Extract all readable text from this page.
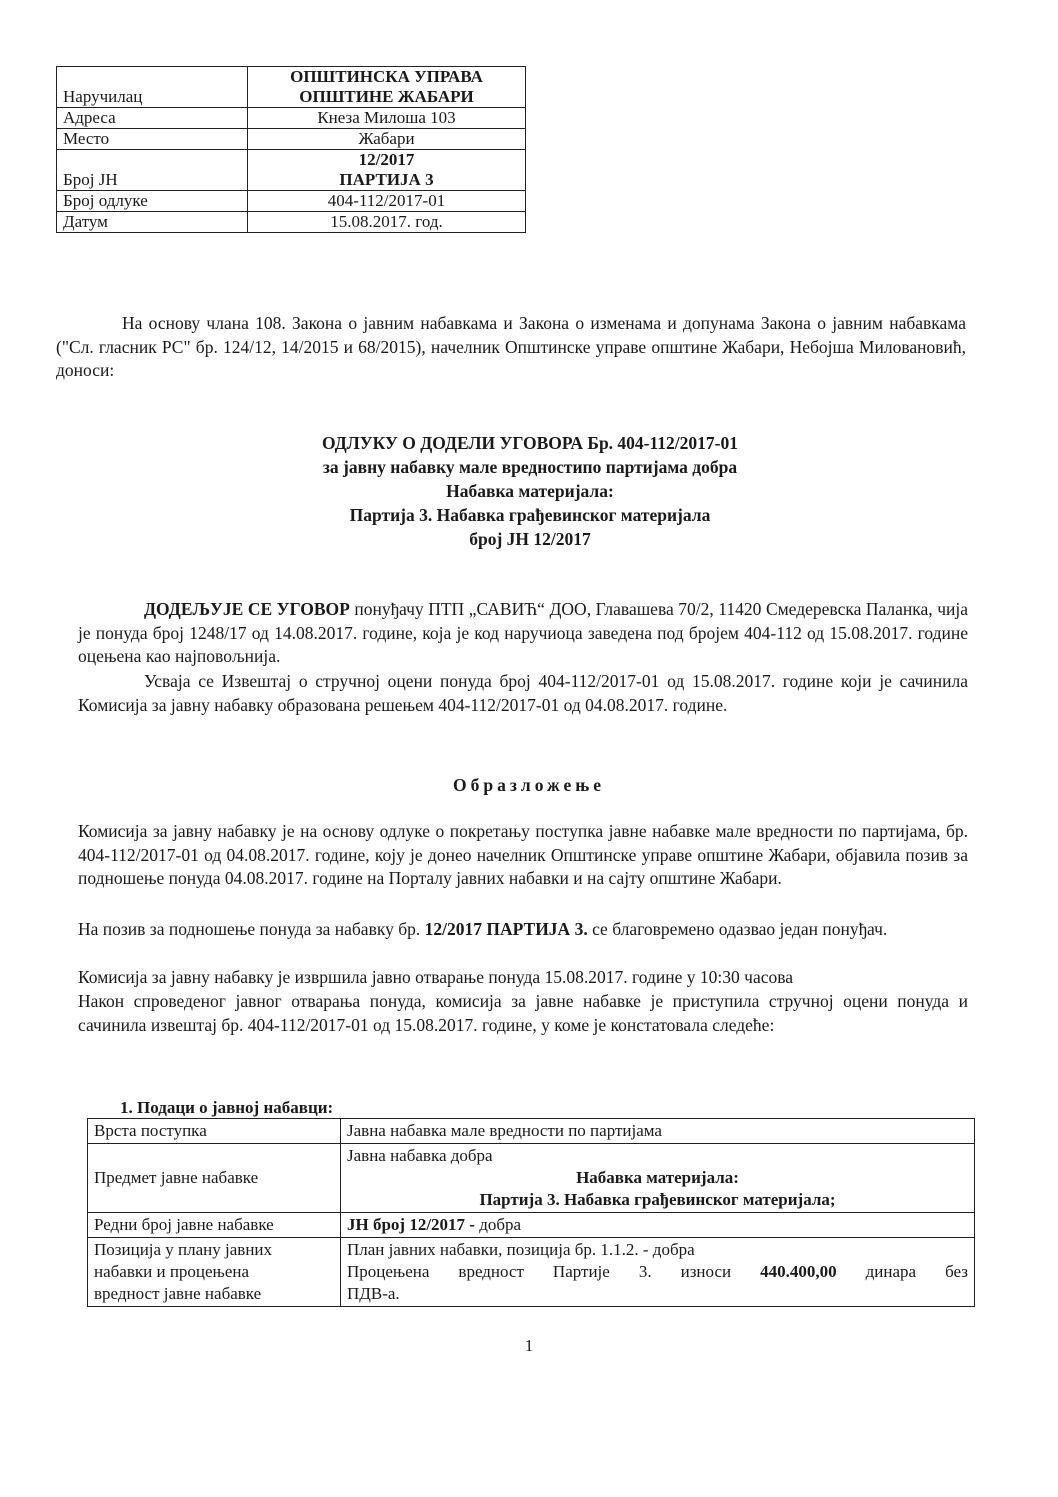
Наручилац	ОПШТИНСКА УПРАВА
ОПШТИНЕ ЖАБАРИ

Адреса	Кнеза Милоша 103

Место	Жабари

Број ЈН	12/2017
ПАРТИЈА 3

Број одлуке	404-112/2017-01

Датум	15.08.2017. год.

На основу члана 108. Закона о јавним набавкама и Закона о изменама и допунама Закона о јавним набавкама ("Сл. гласник РС" бр. 124/12, 14/2015 и 68/2015), начелник Општинске управе општине Жабари, Небојша Миловановић, доноси:

ОДЛУКУ О ДОДЕЛИ УГОВОРА Бр. 404-112/2017-01
за јавну набавку мале вредностипо партијама добра
Набавка материјала:
Партија 3. Набавка грађевинског материјала
број ЈН 12/2017

ДОДЕЉУЈЕ СЕ УГОВОР понуђачу ПТП „САВИЋ“ ДОО, Главашева 70/2, 11420 Смедеревска Паланка, чија је понуда број 1248/17 од 14.08.2017. године, која је код наручиоца заведена под бројем 404-112 од 15.08.2017. године оцењена као најповољнија.

Усваја се Извештај о стручној оцени понуда број 404-112/2017-01 од 15.08.2017. године који је сачинила Комисија за јавну набавку образована решењем 404-112/2017-01 од 04.08.2017. године.

Образложење

Комисија за јавну набавку је на основу одлуке о покретању поступка јавне набавке мале вредности по партијама, бр. 404-112/2017-01 од 04.08.2017. године, коју је донео начелник Општинске управе општине Жабари, објавила позив за подношење понуда 04.08.2017. године на Порталу јавних набавки и на сајту општине Жабари.

На позив за подношење понуда за набавку бр. 12/2017 ПАРТИЈА 3. се благовремено одазвао један понуђач.

Комисија за јавну набавку је извршила јавно отварање понуда 15.08.2017. године у 10:30 часова

Након спроведеног јавног отварања понуда, комисија за јавне набавке је приступила стручној оцени понуда и сачинила извештај бр. 404-112/2017-01 од 15.08.2017. године, у коме је констатовала следеће:

1. Подаци о јавној набавци:
Врста поступка	Јавна набавка мале вредности по партијама
Предмет јавне набавке	Јавна набавка добра
Набавка материјала:
Партија 3. Набавка грађевинског материјала;

Редни број јавне набавке	ЈН број 12/2017 - добра

Позиција у плану јавних
набавки и процењена
вредност јавне набавке	План јавних набавки, позиција бр. 1.1.2. - добра
Процењена вредност Партије 3. износи 440.400,00 динара без
ПДВ-а.
1
